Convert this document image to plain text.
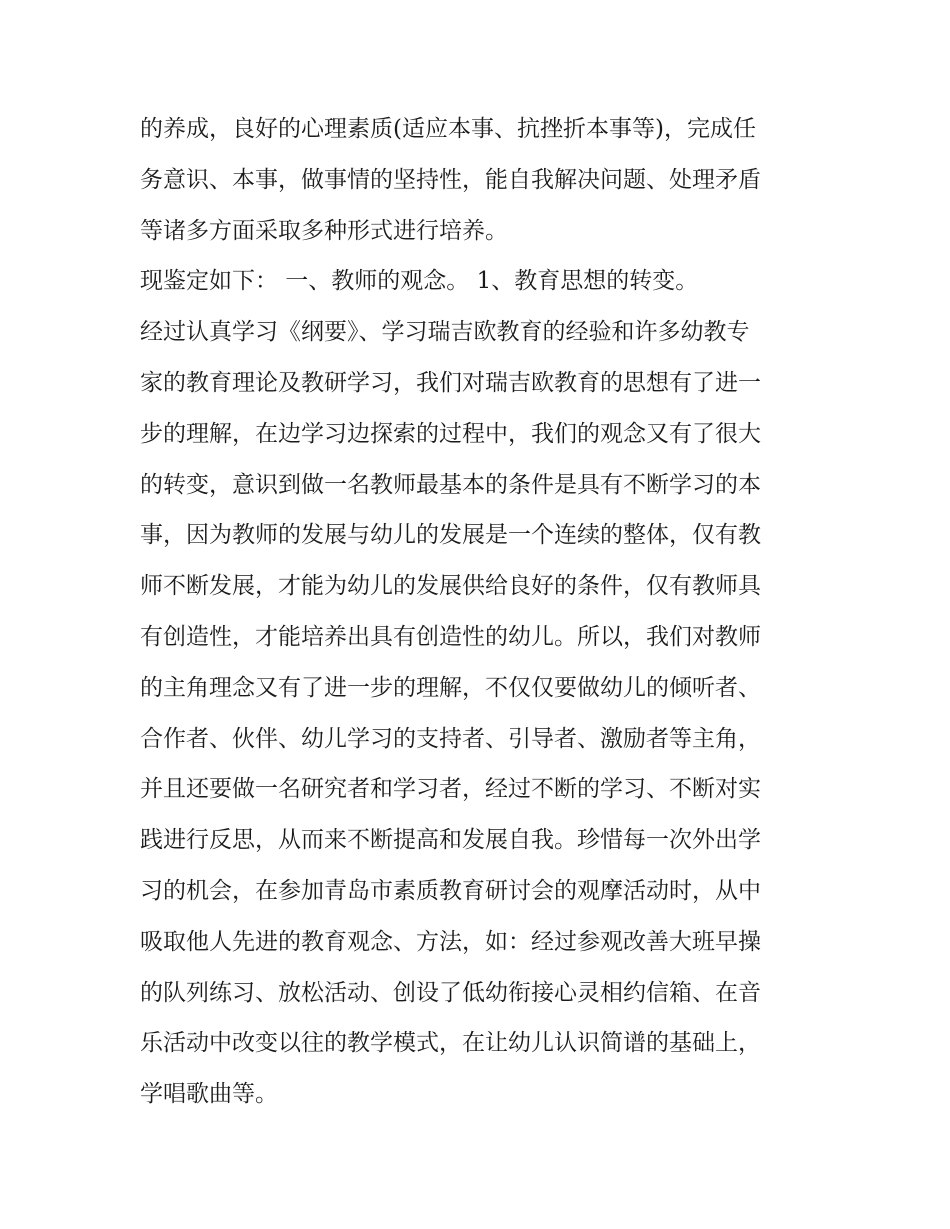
的养成，良好的心理素质(适应本事、抗挫折本事等)，完成任
务意识、本事，做事情的坚持性，能自我解决问题、处理矛盾
等诸多方面采取多种形式进行培养。
现鉴定如下： 一、教师的观念。 1、教育思想的转变。
经过认真学习《纲要》、学习瑞吉欧教育的经验和许多幼教专
家的教育理论及教研学习，我们对瑞吉欧教育的思想有了进一
步的理解，在边学习边探索的过程中，我们的观念又有了很大
的转变，意识到做一名教师最基本的条件是具有不断学习的本
事，因为教师的发展与幼儿的发展是一个连续的整体，仅有教
师不断发展，才能为幼儿的发展供给良好的条件，仅有教师具
有创造性，才能培养出具有创造性的幼儿。所以，我们对教师
的主角理念又有了进一步的理解，不仅仅要做幼儿的倾听者、
合作者、伙伴、幼儿学习的支持者、引导者、激励者等主角，
并且还要做一名研究者和学习者，经过不断的学习、不断对实
践进行反思，从而来不断提高和发展自我。珍惜每一次外出学
习的机会，在参加青岛市素质教育研讨会的观摩活动时，从中
吸取他人先进的教育观念、方法，如：经过参观改善大班早操
的队列练习、放松活动、创设了低幼衔接心灵相约信箱、在音
乐活动中改变以往的教学模式，在让幼儿认识简谱的基础上，
学唱歌曲等。
